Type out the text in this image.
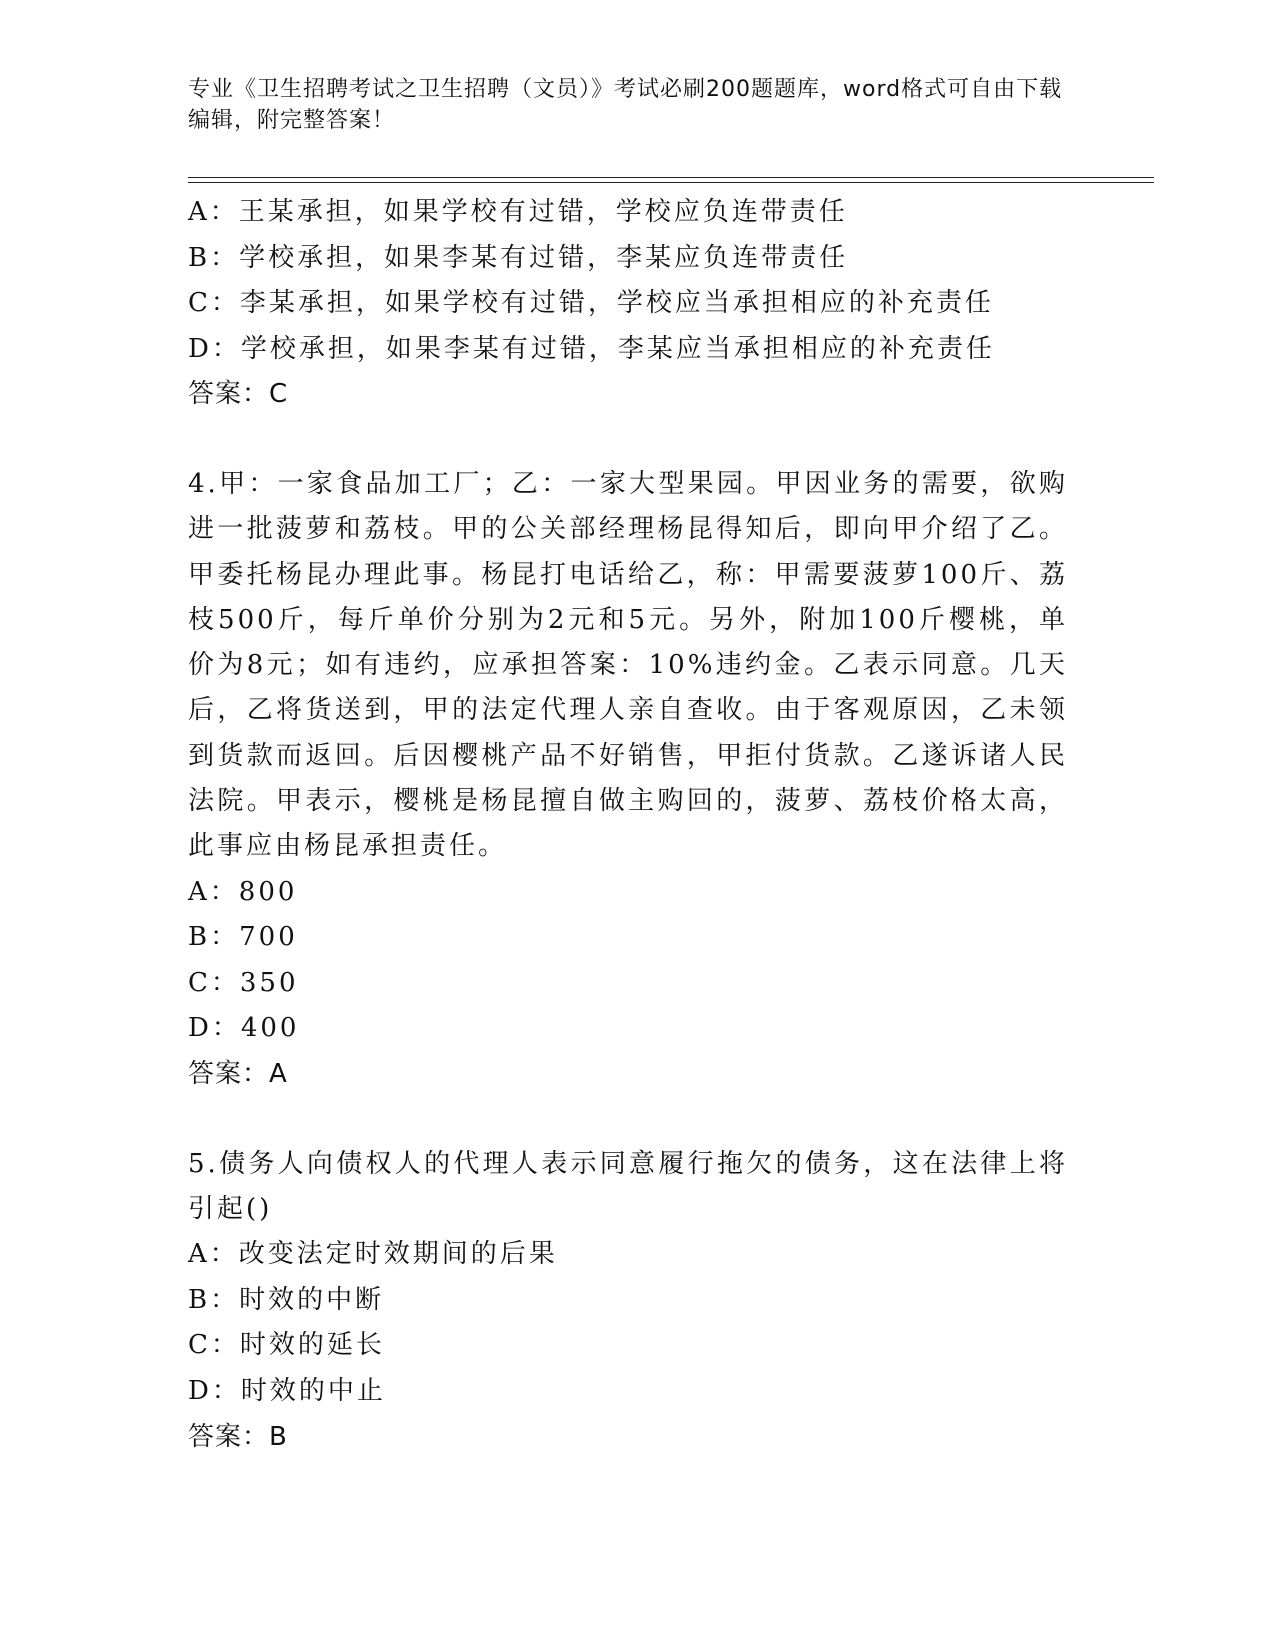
专业《卫生招聘考试之卫生招聘（文员）》考试必刷200题题库，word格式可自由下载编辑，附完整答案！
A：王某承担，如果学校有过错，学校应负连带责任
B：学校承担，如果李某有过错，李某应负连带责任
C：李某承担，如果学校有过错，学校应当承担相应的补充责任
D：学校承担，如果李某有过错，李某应当承担相应的补充责任
答案：C
4.甲：一家食品加工厂；乙：一家大型果园。甲因业务的需要，欲购进一批菠萝和荔枝。甲的公关部经理杨昆得知后，即向甲介绍了乙。甲委托杨昆办理此事。杨昆打电话给乙，称：甲需要菠萝100斤、荔枝500斤，每斤单价分别为2元和5元。另外，附加100斤樱桃，单价为8元；如有违约，应承担答案：10%违约金。乙表示同意。几天后，乙将货送到，甲的法定代理人亲自查收。由于客观原因，乙未领到货款而返回。后因樱桃产品不好销售，甲拒付货款。乙遂诉诸人民法院。甲表示，樱桃是杨昆擅自做主购回的，菠萝、荔枝价格太高，此事应由杨昆承担责任。
A：800
B：700
C：350
D：400
答案：A
5.债务人向债权人的代理人表示同意履行拖欠的债务，这在法律上将引起()
A：改变法定时效期间的后果
B：时效的中断
C：时效的延长
D：时效的中止
答案：B
